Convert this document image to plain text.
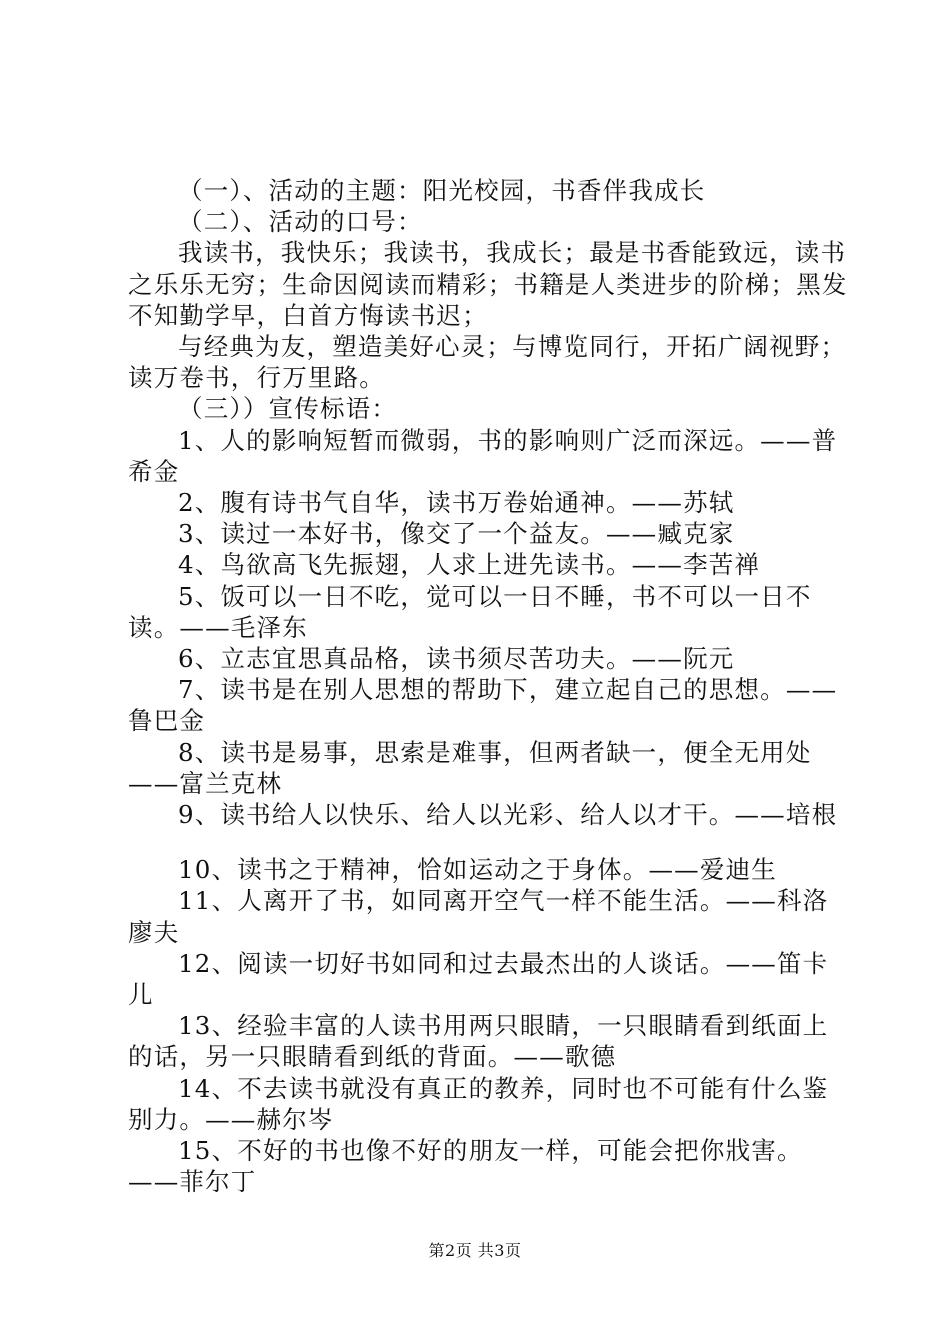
（一）、活动的主题：阳光校园，书香伴我成长

（二）、活动的口号：

我读书，我快乐；我读书，我成长；最是书香能致远，读书之乐乐无穷；生命因阅读而精彩；书籍是人类进步的阶梯；黑发不知勤学早，白首方悔读书迟；

与经典为友，塑造美好心灵；与博览同行，开拓广阔视野；读万卷书，行万里路。

（三））宣传标语：

1、人的影响短暂而微弱，书的影响则广泛而深远。——普希金

2、腹有诗书气自华，读书万卷始通神。——苏轼

3、读过一本好书，像交了一个益友。——臧克家

4、鸟欲高飞先振翅，人求上进先读书。——李苦禅

5、饭可以一日不吃，觉可以一日不睡，书不可以一日不读。——毛泽东

6、立志宜思真品格，读书须尽苦功夫。——阮元

7、读书是在别人思想的帮助下，建立起自己的思想。——鲁巴金

8、读书是易事，思索是难事，但两者缺一，便全无用处——富兰克林

9、读书给人以快乐、给人以光彩、给人以才干。——培根

10、读书之于精神，恰如运动之于身体。——爱迪生

11、人离开了书，如同离开空气一样不能生活。——科洛廖夫

12、阅读一切好书如同和过去最杰出的人谈话。——笛卡儿

13、经验丰富的人读书用两只眼睛，一只眼睛看到纸面上的话，另一只眼睛看到纸的背面。——歌德

14、不去读书就没有真正的教养，同时也不可能有什么鉴别力。——赫尔岑

15、不好的书也像不好的朋友一样，可能会把你戕害。——菲尔丁

第2页 共3页
